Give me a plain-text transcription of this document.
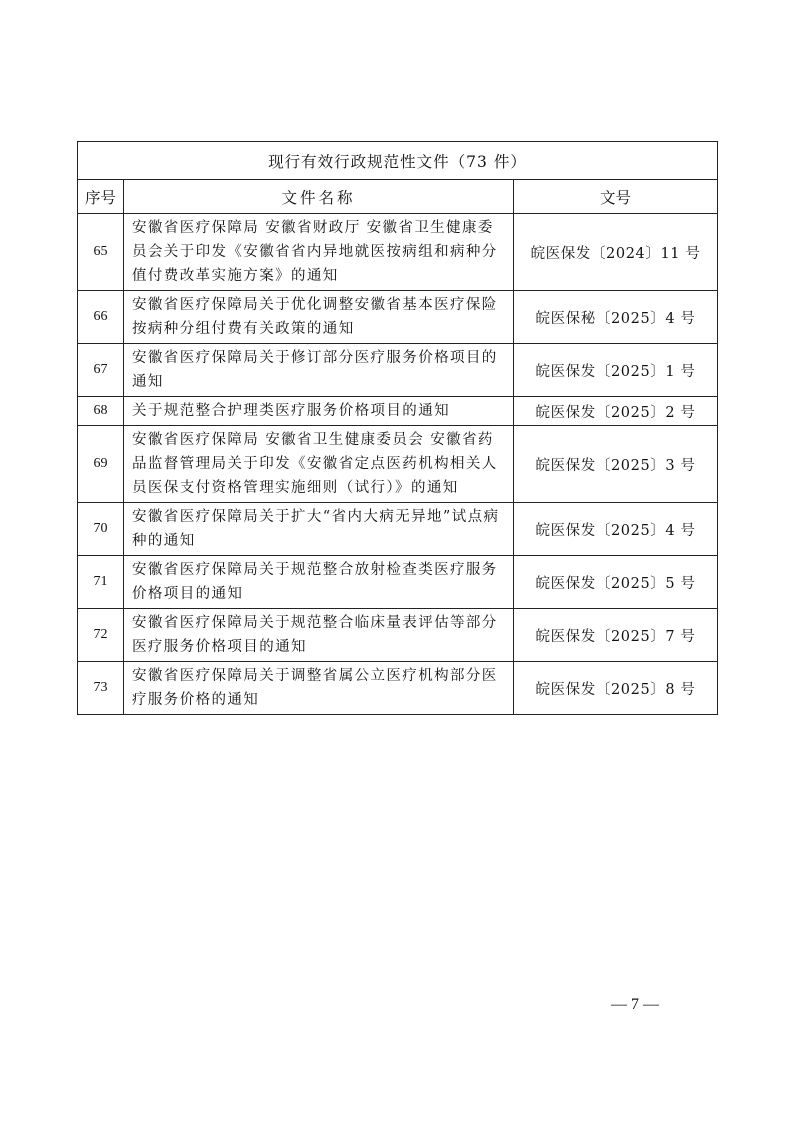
现行有效行政规范性文件（73 件）		
序号	文件名称	文号
65	安徽省医疗保障局 安徽省财政厅 安徽省卫生健康委员会关于印发《安徽省省内异地就医按病组和病种分值付费改革实施方案》的通知	皖医保发〔2024〕11 号
66	安徽省医疗保障局关于优化调整安徽省基本医疗保险按病种分组付费有关政策的通知	皖医保秘〔2025〕4 号
67	安徽省医疗保障局关于修订部分医疗服务价格项目的通知	皖医保发〔2025〕1 号
68	关于规范整合护理类医疗服务价格项目的通知	皖医保发〔2025〕2 号
69	安徽省医疗保障局 安徽省卫生健康委员会 安徽省药品监督管理局关于印发《安徽省定点医药机构相关人员医保支付资格管理实施细则（试行）》的通知	皖医保发〔2025〕3 号
70	安徽省医疗保障局关于扩大“省内大病无异地”试点病种的通知	皖医保发〔2025〕4 号
71	安徽省医疗保障局关于规范整合放射检查类医疗服务价格项目的通知	皖医保发〔2025〕5 号
72	安徽省医疗保障局关于规范整合临床量表评估等部分医疗服务价格项目的通知	皖医保发〔2025〕7 号
73	安徽省医疗保障局关于调整省属公立医疗机构部分医疗服务价格的通知	皖医保发〔2025〕8 号
— 7 —
